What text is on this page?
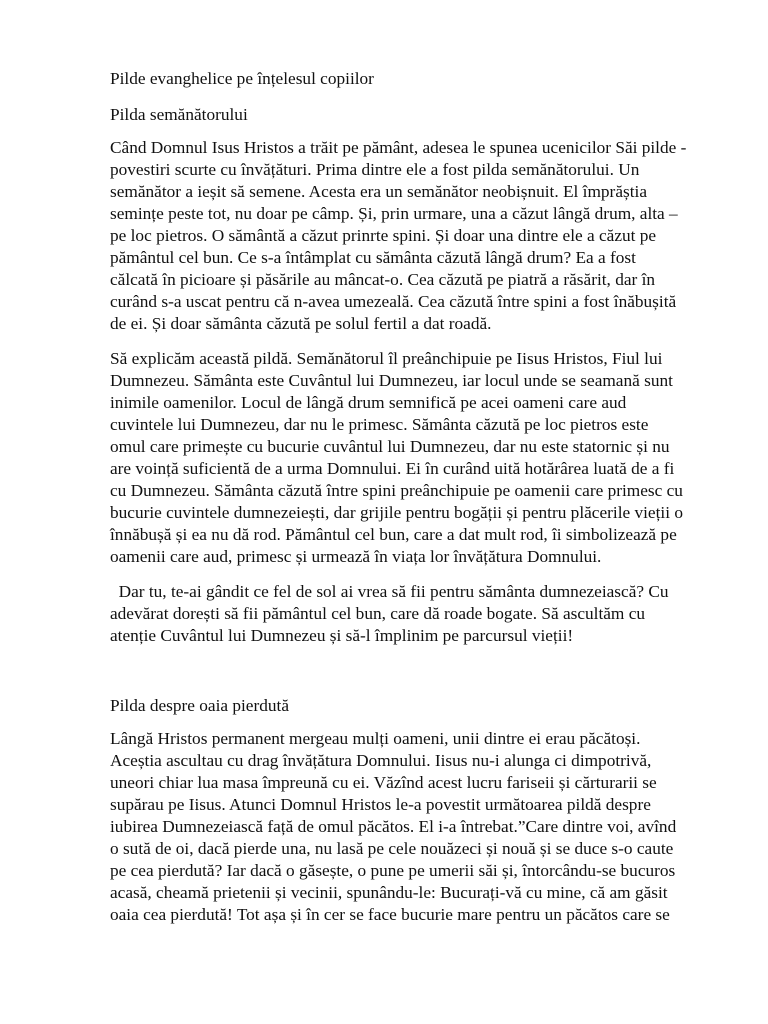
Pilde evanghelice pe înțelesul copiilor

Pilda semănătorului

Când Domnul Isus Hristos a trăit pe pământ, adesea le spunea ucenicilor Săi pilde -

povestiri scurte cu învățături. Prima dintre ele a fost pilda semănătorului. Un

semănător a ieșit să semene. Acesta era un semănător neobișnuit. El împrăștia

semințe peste tot, nu doar pe câmp. Și, prin urmare, una a căzut lângă drum, alta –

pe loc pietros. O sământă a căzut prinrte spini. Și doar una dintre ele a căzut pe

pământul cel bun. Ce s-a întâmplat cu sământa căzută lângă drum? Ea a fost

călcată în picioare și păsările au mâncat-o. Cea căzută pe piatră a răsărit, dar în

curând s-a uscat pentru că n-avea umezeală. Cea căzută între spini a fost înăbușită

de ei. Și doar sământa căzută pe solul fertil a dat roadă.

Să explicăm această pildă. Semănătorul îl preânchipuie pe Iisus Hristos, Fiul lui

Dumnezeu. Sământa este Cuvântul lui Dumnezeu, iar locul unde se seamană sunt

inimile oamenilor. Locul de lângă drum semnifică pe acei oameni care aud

cuvintele lui Dumnezeu, dar nu le primesc. Sământa căzută pe loc pietros este

omul care primește cu bucurie cuvântul lui Dumnezeu, dar nu este statornic și nu

are voință suficientă de a urma Domnului. Ei în curând uită hotărârea luată de a fi

cu Dumnezeu. Sământa căzută între spini preânchipuie pe oamenii care primesc cu

bucurie cuvintele dumnezeiești, dar grijile pentru bogății și pentru plăcerile vieții o

înnăbușă și ea nu dă rod. Pământul cel bun, care a dat mult rod, îi simbolizează pe

oamenii care aud, primesc și urmează în viața lor învățătura Domnului.

Dar tu, te-ai gândit ce fel de sol ai vrea să fii pentru sământa dumnezeiască? Cu

adevărat dorești să fii pământul cel bun, care dă roade bogate. Să ascultăm cu

atenție Cuvântul lui Dumnezeu și să-l împlinim pe parcursul vieții!

Pilda despre oaia pierdută

Lângă Hristos permanent mergeau mulți oameni, unii dintre ei erau păcătoși.

Aceștia ascultau cu drag învățătura Domnului. Iisus nu-i alunga ci dimpotrivă,

uneori chiar lua masa împreună cu ei. Văzînd acest lucru fariseii și cărturarii se

supărau pe Iisus. Atunci Domnul Hristos le-a povestit următoarea pildă despre

iubirea Dumnezeiască față de omul păcătos. El i-a întrebat.”Care dintre voi, avînd

o sută de oi, dacă pierde una, nu lasă pe cele nouăzeci și nouă și se duce s-o caute

pe cea pierdută? Iar dacă o găsește, o pune pe umerii săi și, întorcându-se bucuros

acasă, cheamă prietenii și vecinii, spunându-le: Bucurați-vă cu mine, că am găsit

oaia cea pierdută! Tot așa și în cer se face bucurie mare pentru un păcătos care se
